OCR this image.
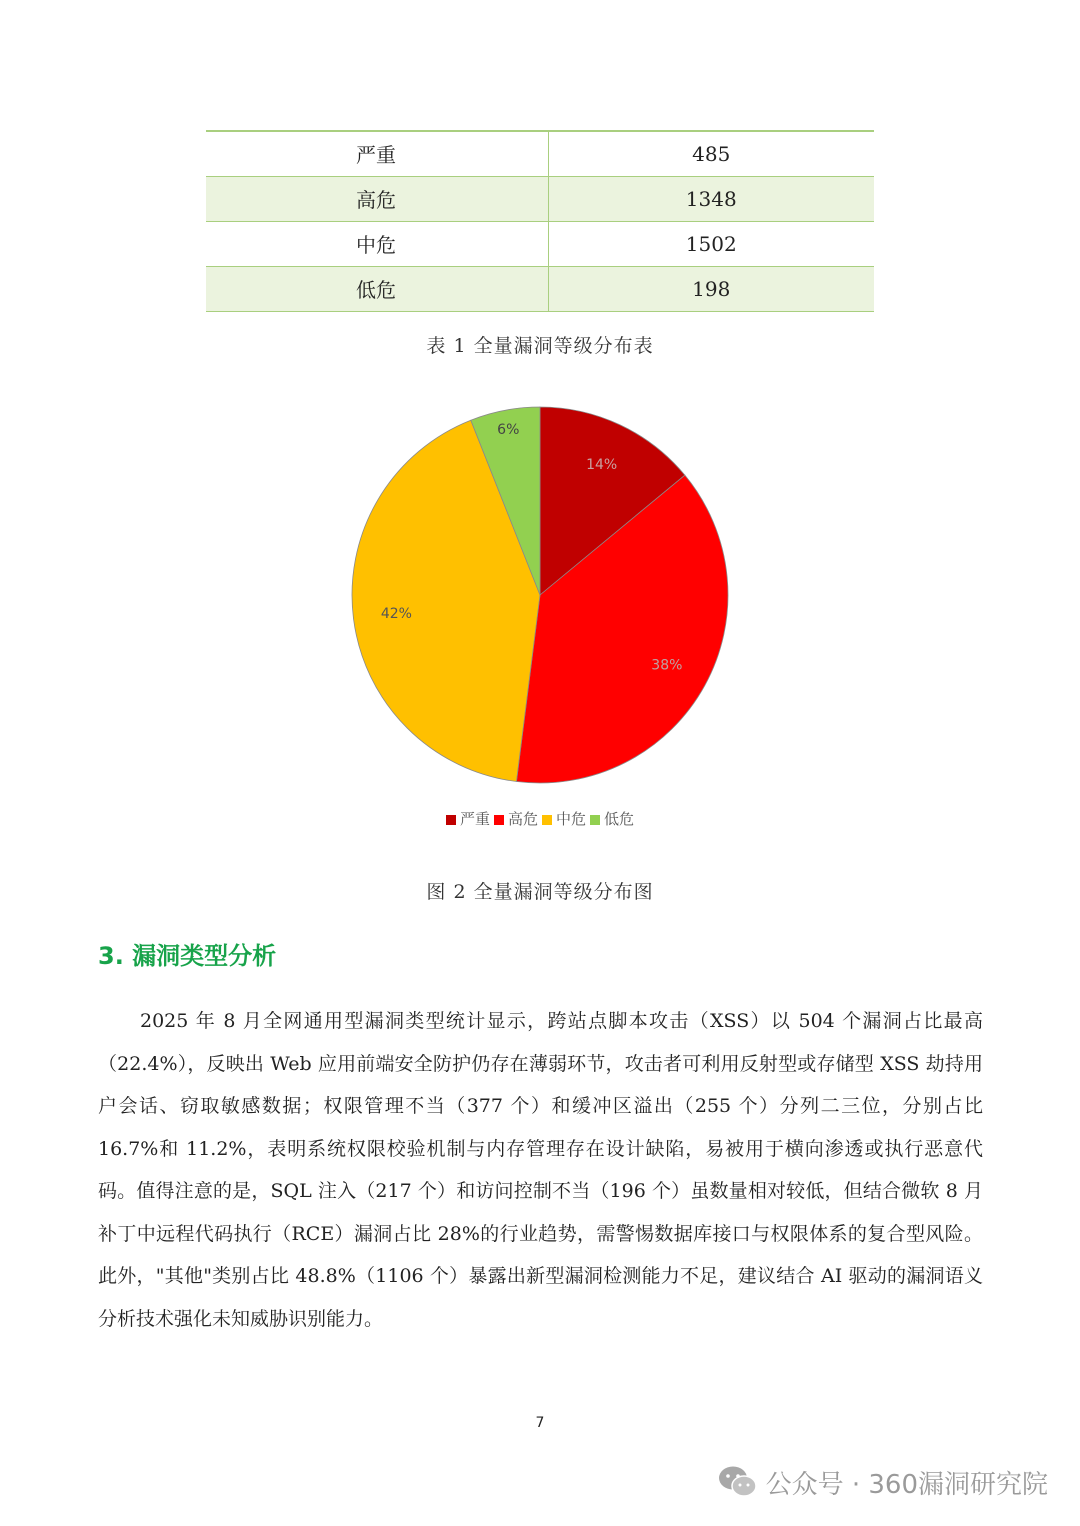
严重	485
高危	1348
中危	1502
低危	198
表 1 全量漏洞等级分布表
14%
38%
42%
6%
严重 高危 中危 低危
图 2 全量漏洞等级分布图
3. 漏洞类型分析
2025 年 8 月全网通用型漏洞类型统计显示，跨站点脚本攻击（XSS）以 504 个漏洞占比最高（22.4%），反映出 Web 应用前端安全防护仍存在薄弱环节，攻击者可利用反射型或存储型 XSS 劫持用户会话、窃取敏感数据；权限管理不当（377 个）和缓冲区溢出（255 个）分列二三位，分别占比 16.7%和 11.2%，表明系统权限校验机制与内存管理存在设计缺陷，易被用于横向渗透或执行恶意代码。值得注意的是，SQL 注入（217 个）和访问控制不当（196 个）虽数量相对较低，但结合微软 8 月补丁中远程代码执行（RCE）漏洞占比 28%的行业趋势，需警惕数据库接口与权限体系的复合型风险。此外，"其他"类别占比 48.8%（1106 个）暴露出新型漏洞检测能力不足，建议结合 AI 驱动的漏洞语义分析技术强化未知威胁识别能力。
7
公众号 · 360漏洞研究院
